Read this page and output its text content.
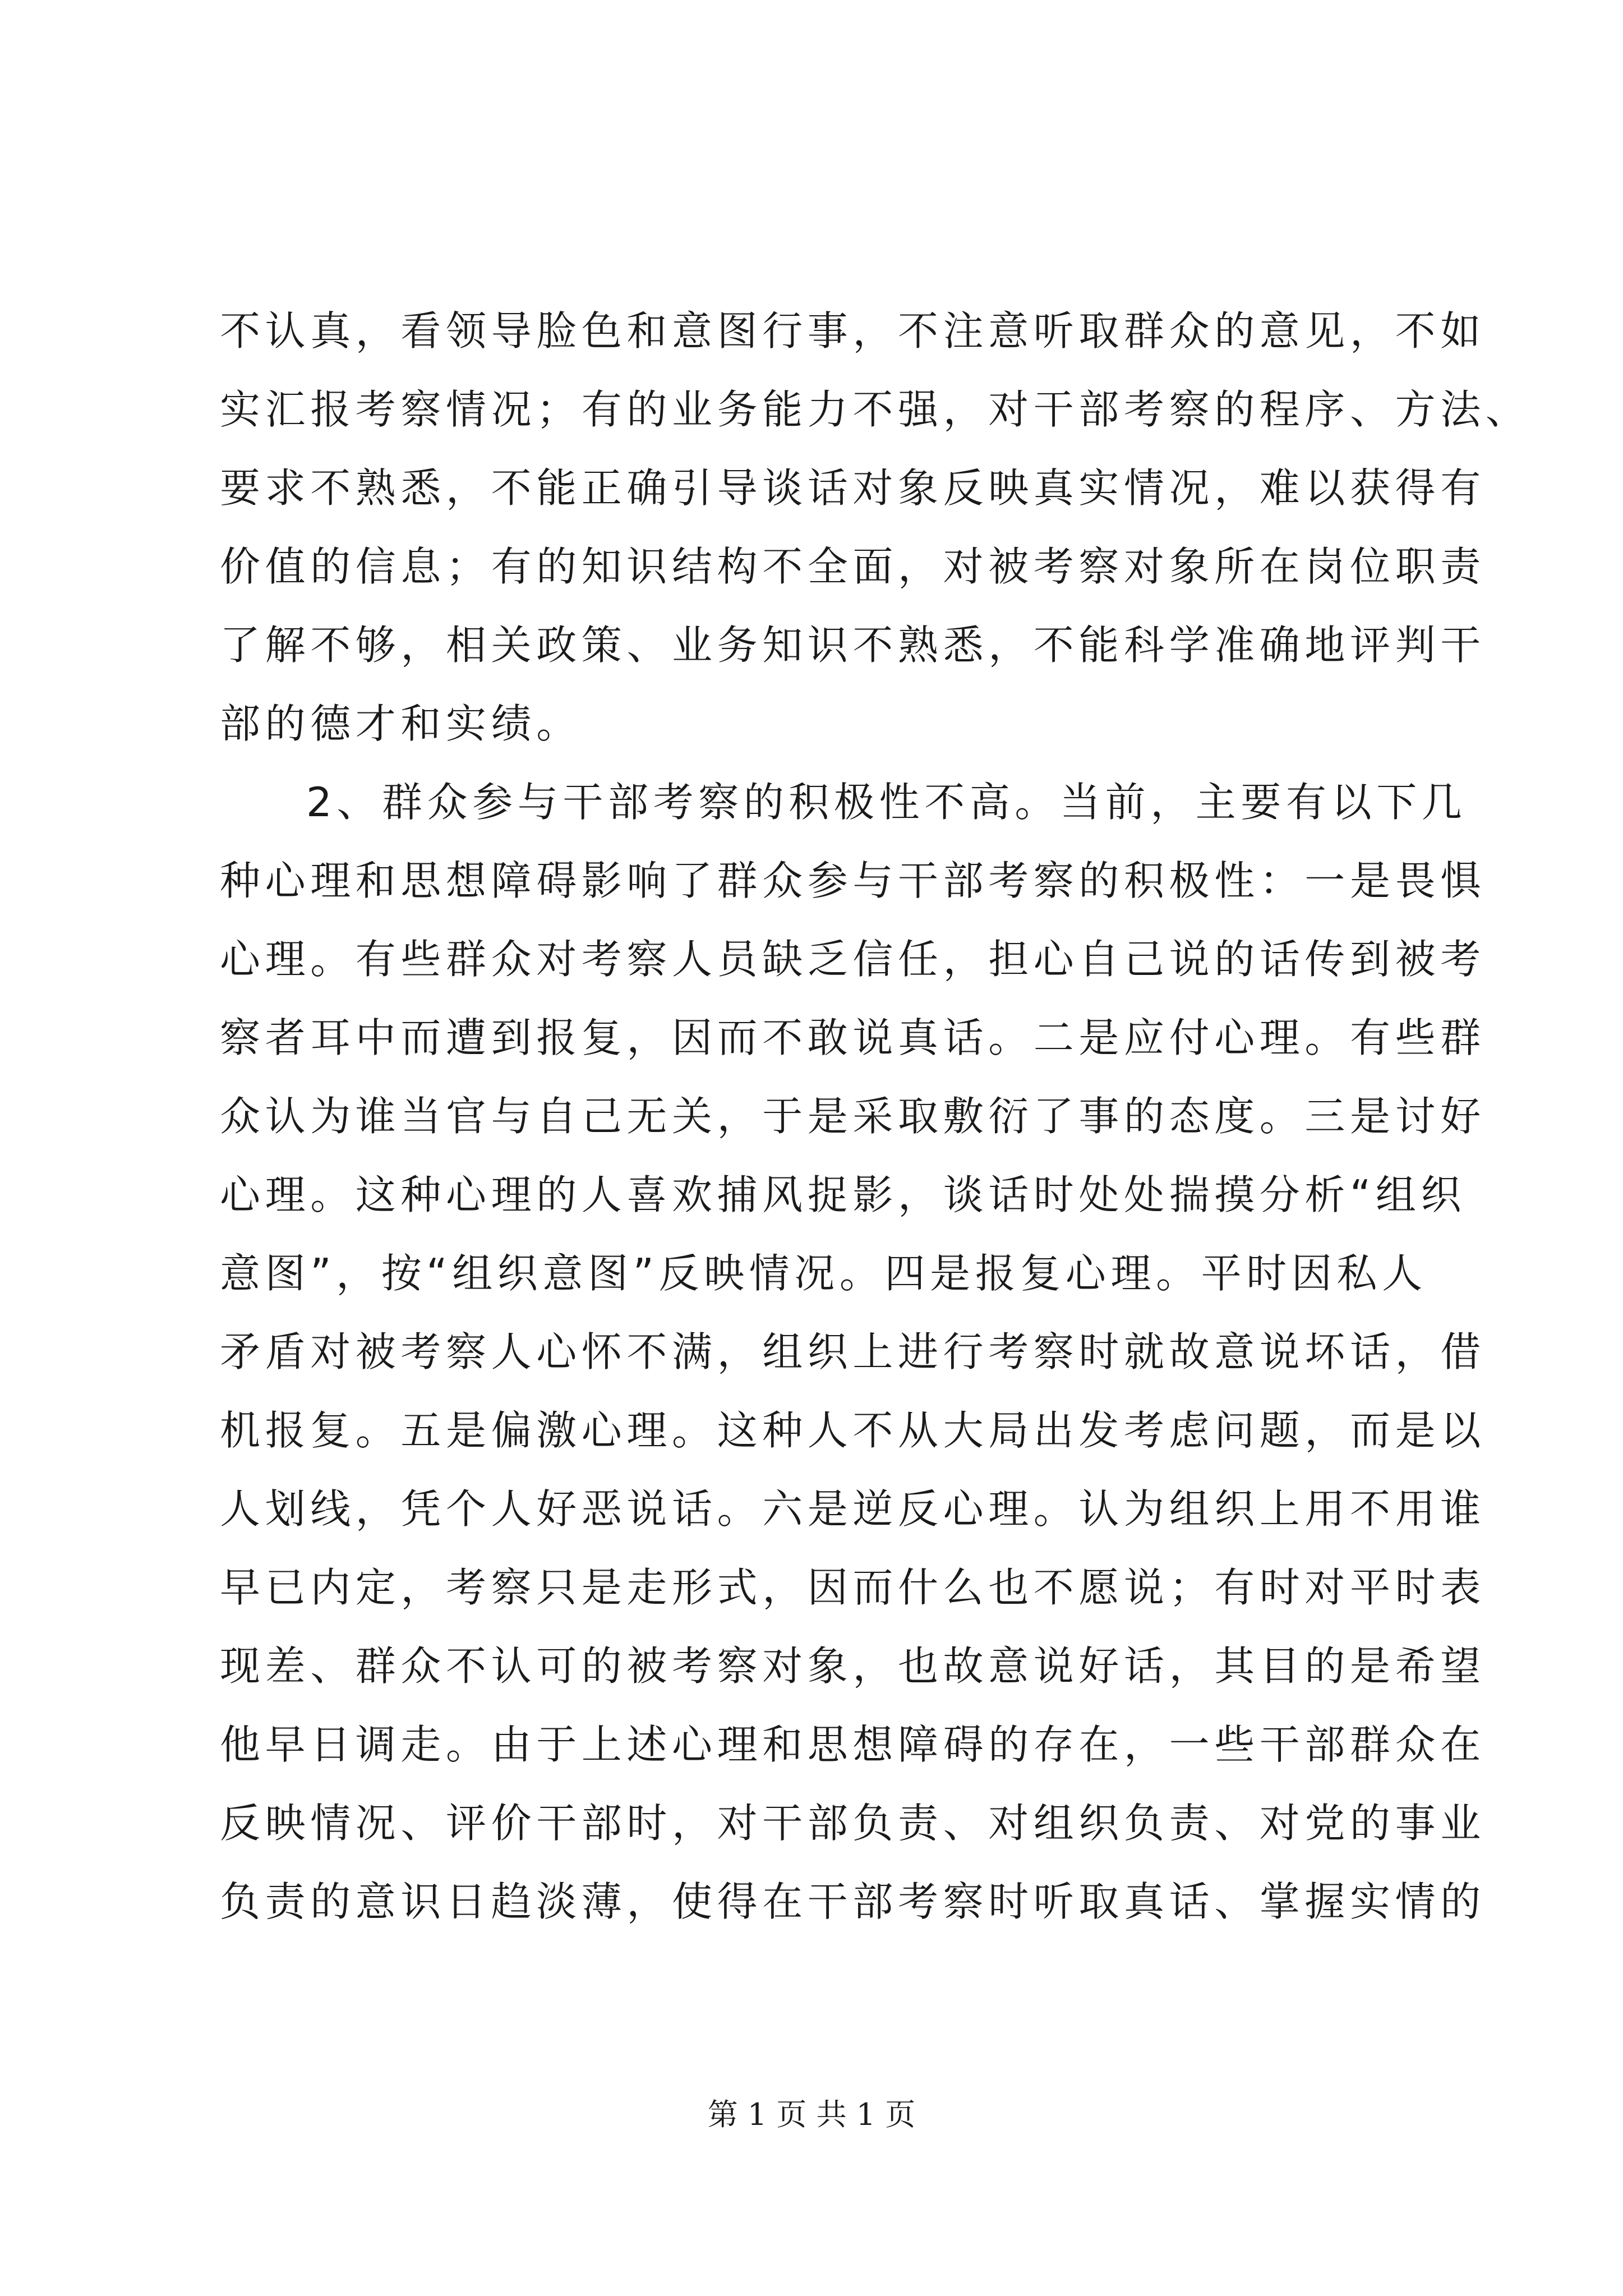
不认真，看领导脸色和意图行事，不注意听取群众的意见，不如
实汇报考察情况；有的业务能力不强，对干部考察的程序、方法、
要求不熟悉，不能正确引导谈话对象反映真实情况，难以获得有
价值的信息；有的知识结构不全面，对被考察对象所在岗位职责
了解不够，相关政策、业务知识不熟悉，不能科学准确地评判干
部的德才和实绩。
2、群众参与干部考察的积极性不高。当前，主要有以下几
种心理和思想障碍影响了群众参与干部考察的积极性：一是畏惧
心理。有些群众对考察人员缺乏信任，担心自己说的话传到被考
察者耳中而遭到报复，因而不敢说真话。二是应付心理。有些群
众认为谁当官与自己无关，于是采取敷衍了事的态度。三是讨好
心理。这种心理的人喜欢捕风捉影，谈话时处处揣摸分析“组织
意图”，按“组织意图”反映情况。四是报复心理。平时因私人
矛盾对被考察人心怀不满，组织上进行考察时就故意说坏话，借
机报复。五是偏激心理。这种人不从大局出发考虑问题，而是以
人划线，凭个人好恶说话。六是逆反心理。认为组织上用不用谁
早已内定，考察只是走形式，因而什么也不愿说；有时对平时表
现差、群众不认可的被考察对象，也故意说好话，其目的是希望
他早日调走。由于上述心理和思想障碍的存在，一些干部群众在
反映情况、评价干部时，对干部负责、对组织负责、对党的事业
负责的意识日趋淡薄，使得在干部考察时听取真话、掌握实情的
第 1 页 共 1 页
